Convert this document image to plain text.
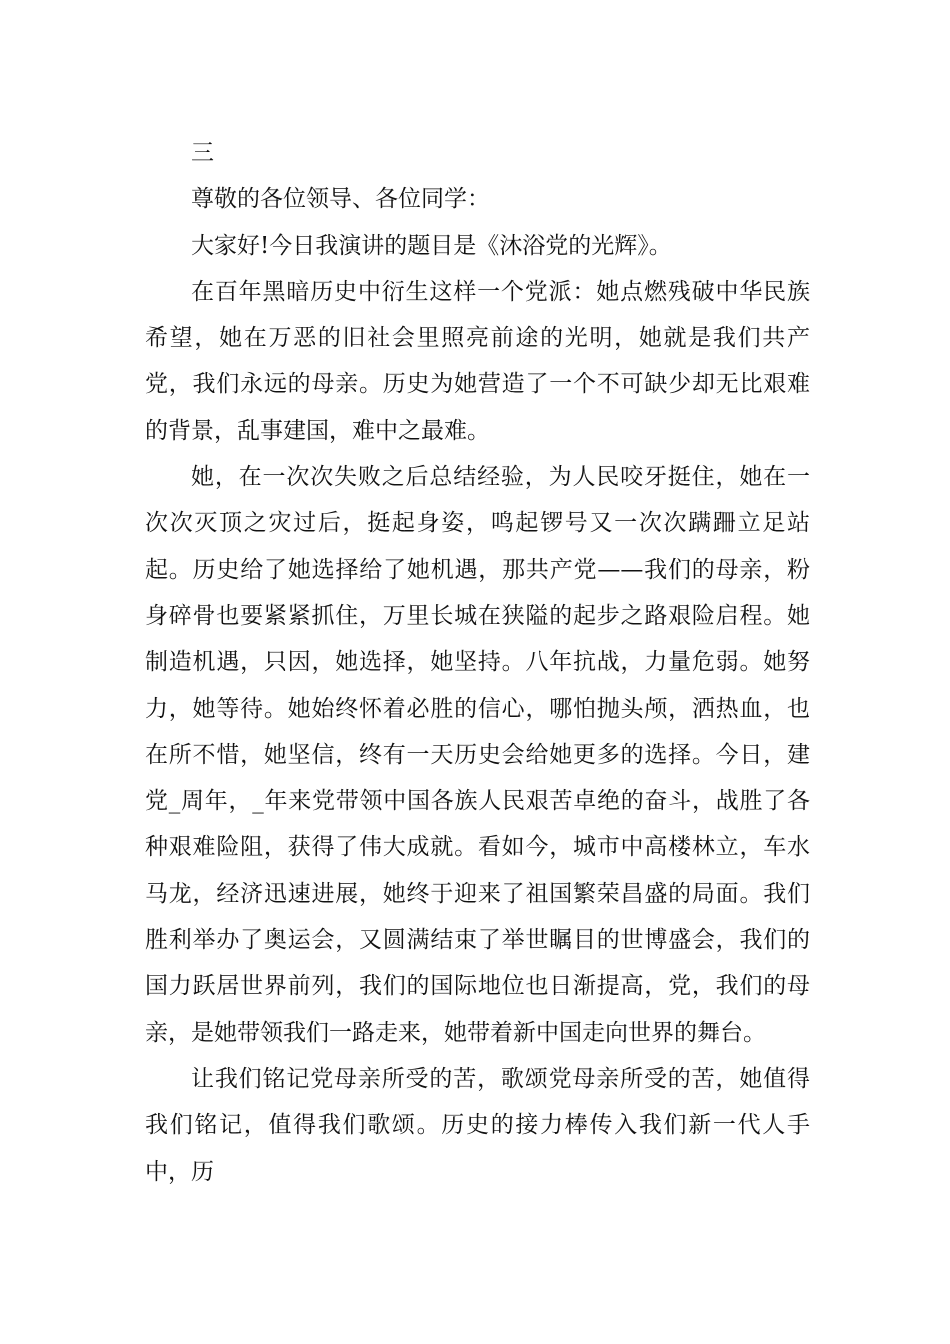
三

尊敬的各位领导、各位同学：

大家好!今日我演讲的题目是《沐浴党的光辉》。

在百年黑暗历史中衍生这样一个党派：她点燃残破中华民族希望，她在万恶的旧社会里照亮前途的光明，她就是我们共产党，我们永远的母亲。历史为她营造了一个不可缺少却无比艰难的背景，乱事建国，难中之最难。

她，在一次次失败之后总结经验，为人民咬牙挺住，她在一次次灭顶之灾过后，挺起身姿，鸣起锣号又一次次蹒跚立足站起。历史给了她选择给了她机遇，那共产党——我们的母亲，粉身碎骨也要紧紧抓住，万里长城在狭隘的起步之路艰险启程。她制造机遇，只因，她选择，她坚持。八年抗战，力量危弱。她努力，她等待。她始终怀着必胜的信心，哪怕抛头颅，洒热血，也在所不惜，她坚信，终有一天历史会给她更多的选择。今日，建党_周年，_年来党带领中国各族人民艰苦卓绝的奋斗，战胜了各种艰难险阻，获得了伟大成就。看如今，城市中高楼林立，车水马龙，经济迅速进展，她终于迎来了祖国繁荣昌盛的局面。我们胜利举办了奥运会，又圆满结束了举世瞩目的世博盛会，我们的国力跃居世界前列，我们的国际地位也日渐提高，党，我们的母亲，是她带领我们一路走来，她带着新中国走向世界的舞台。

让我们铭记党母亲所受的苦，歌颂党母亲所受的苦，她值得我们铭记，值得我们歌颂。历史的接力棒传入我们新一代人手中，历
